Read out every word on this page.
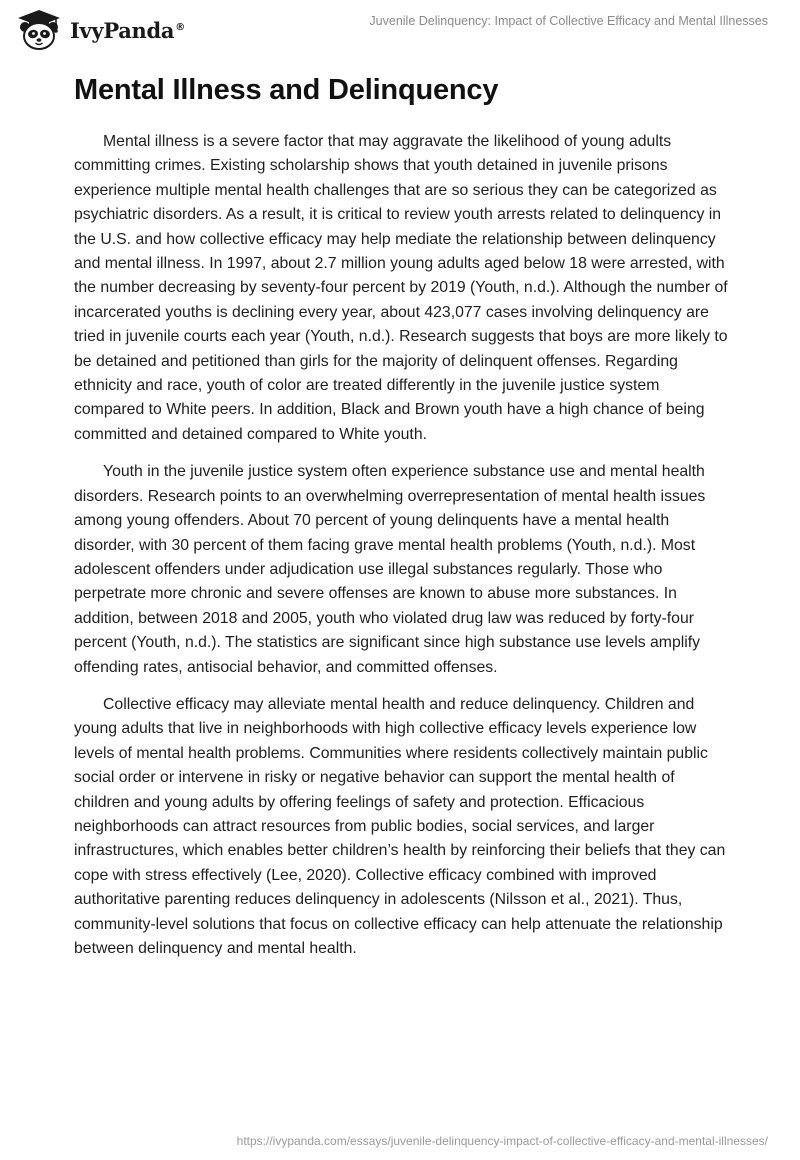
IvyPanda®	Juvenile Delinquency: Impact of Collective Efficacy and Mental Illnesses
Mental Illness and Delinquency

Mental illness is a severe factor that may aggravate the likelihood of young adults committing crimes. Existing scholarship shows that youth detained in juvenile prisons experience multiple mental health challenges that are so serious they can be categorized as psychiatric disorders. As a result, it is critical to review youth arrests related to delinquency in the U.S. and how collective efficacy may help mediate the relationship between delinquency and mental illness. In 1997, about 2.7 million young adults aged below 18 were arrested, with the number decreasing by seventy-four percent by 2019 (Youth, n.d.). Although the number of incarcerated youths is declining every year, about 423,077 cases involving delinquency are tried in juvenile courts each year (Youth, n.d.). Research suggests that boys are more likely to be detained and petitioned than girls for the majority of delinquent offenses. Regarding ethnicity and race, youth of color are treated differently in the juvenile justice system compared to White peers. In addition, Black and Brown youth have a high chance of being committed and detained compared to White youth.

Youth in the juvenile justice system often experience substance use and mental health disorders. Research points to an overwhelming overrepresentation of mental health issues among young offenders. About 70 percent of young delinquents have a mental health disorder, with 30 percent of them facing grave mental health problems (Youth, n.d.). Most adolescent offenders under adjudication use illegal substances regularly. Those who perpetrate more chronic and severe offenses are known to abuse more substances. In addition, between 2018 and 2005, youth who violated drug law was reduced by forty-four percent (Youth, n.d.). The statistics are significant since high substance use levels amplify offending rates, antisocial behavior, and committed offenses.

Collective efficacy may alleviate mental health and reduce delinquency. Children and young adults that live in neighborhoods with high collective efficacy levels experience low levels of mental health problems. Communities where residents collectively maintain public social order or intervene in risky or negative behavior can support the mental health of children and young adults by offering feelings of safety and protection. Efficacious neighborhoods can attract resources from public bodies, social services, and larger infrastructures, which enables better children’s health by reinforcing their beliefs that they can cope with stress effectively (Lee, 2020). Collective efficacy combined with improved authoritative parenting reduces delinquency in adolescents (Nilsson et al., 2021). Thus, community-level solutions that focus on collective efficacy can help attenuate the relationship between delinquency and mental health.

https://ivypanda.com/essays/juvenile-delinquency-impact-of-collective-efficacy-and-mental-illnesses/
